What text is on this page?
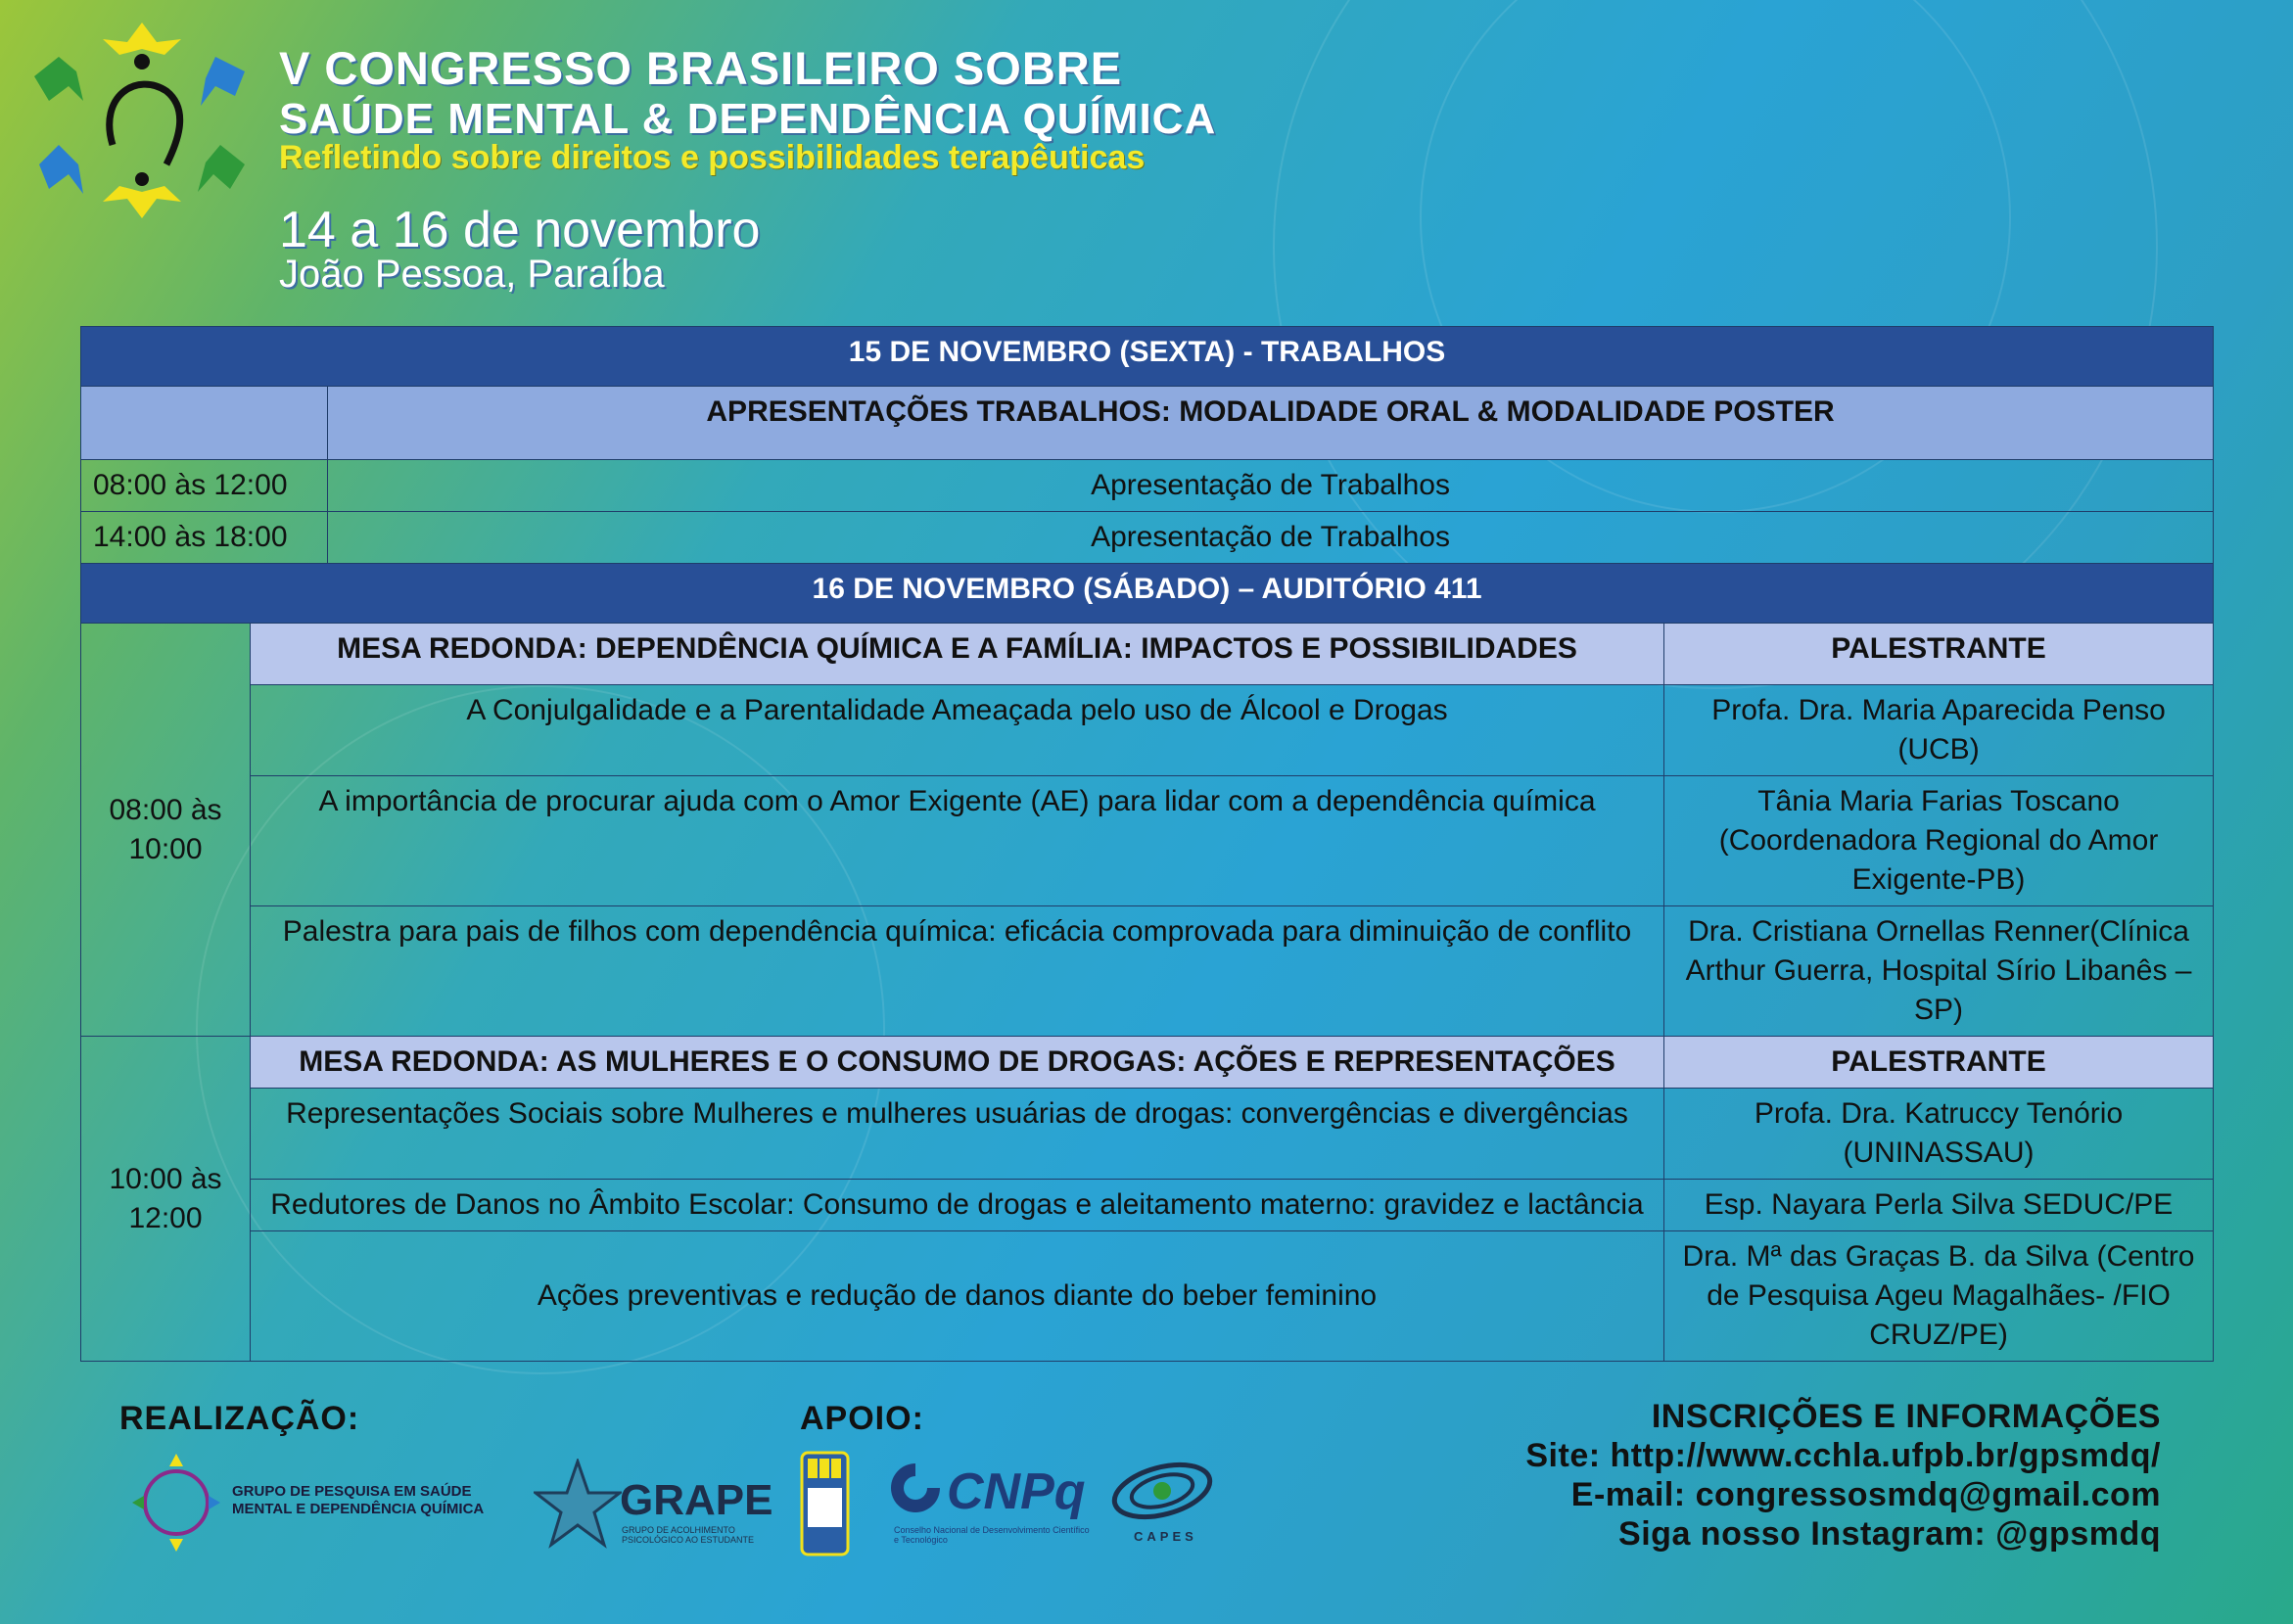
V CONGRESSO BRASILEIRO SOBRE
SAÚDE MENTAL & DEPENDÊNCIA QUÍMICA
Refletindo sobre direitos e possibilidades terapêuticas
14 a 16 de novembro
João Pessoa, Paraíba
15 DE NOVEMBRO (SEXTA) - TRABALHOS			
		APRESENTAÇÕES TRABALHOS: MODALIDADE ORAL & MODALIDADE POSTER	
08:00 às 12:00		Apresentação de Trabalhos	
14:00 às 18:00		Apresentação de Trabalhos	
16 DE NOVEMBRO (SÁBADO) – AUDITÓRIO 411			
08:00 às 10:00	MESA REDONDA: DEPENDÊNCIA QUÍMICA E A FAMÍLIA: IMPACTOS E POSSIBILIDADES		PALESTRANTE
	A Conjulgalidade e a Parentalidade Ameaçada pelo uso de Álcool e Drogas		Profa. Dra. Maria Aparecida Penso (UCB)
	A importância de procurar ajuda com o Amor Exigente (AE) para lidar com a dependência química		Tânia Maria Farias Toscano (Coordenadora Regional do Amor Exigente-PB)
	Palestra para pais de filhos com dependência química: eficácia comprovada para diminuição de conflito		Dra. Cristiana Ornellas Renner(Clínica Arthur Guerra, Hospital Sírio Libanês – SP)
10:00 às 12:00	MESA REDONDA: AS MULHERES E O CONSUMO DE DROGAS: AÇÕES E REPRESENTAÇÕES		PALESTRANTE
	Representações Sociais sobre Mulheres e mulheres usuárias de drogas: convergências e divergências		Profa. Dra. Katruccy Tenório (UNINASSAU)
	Redutores de Danos no Âmbito Escolar: Consumo de drogas e aleitamento materno: gravidez e lactância		Esp. Nayara Perla Silva SEDUC/PE
	Ações preventivas e redução de danos diante do beber feminino		Dra. Mª das Graças B. da Silva (Centro de Pesquisa Ageu Magalhães- /FIO CRUZ/PE)
REALIZAÇÃO:	APOIO:
GRUPO DE PESQUISA EM SAÚDE MENTAL E DEPENDÊNCIA QUÍMICA	GRAPE
GRUPO DE ACOLHIMENTO PSICOLÓGICO AO ESTUDANTE
CNPq
Conselho Nacional de Desenvolvimento Científico e Tecnológico	CAPES
INSCRIÇÕES E INFORMAÇÕES
Site: http://www.cchla.ufpb.br/gpsmdq/
E-mail: congressosmdq@gmail.com
Siga nosso Instagram: @gpsmdq
